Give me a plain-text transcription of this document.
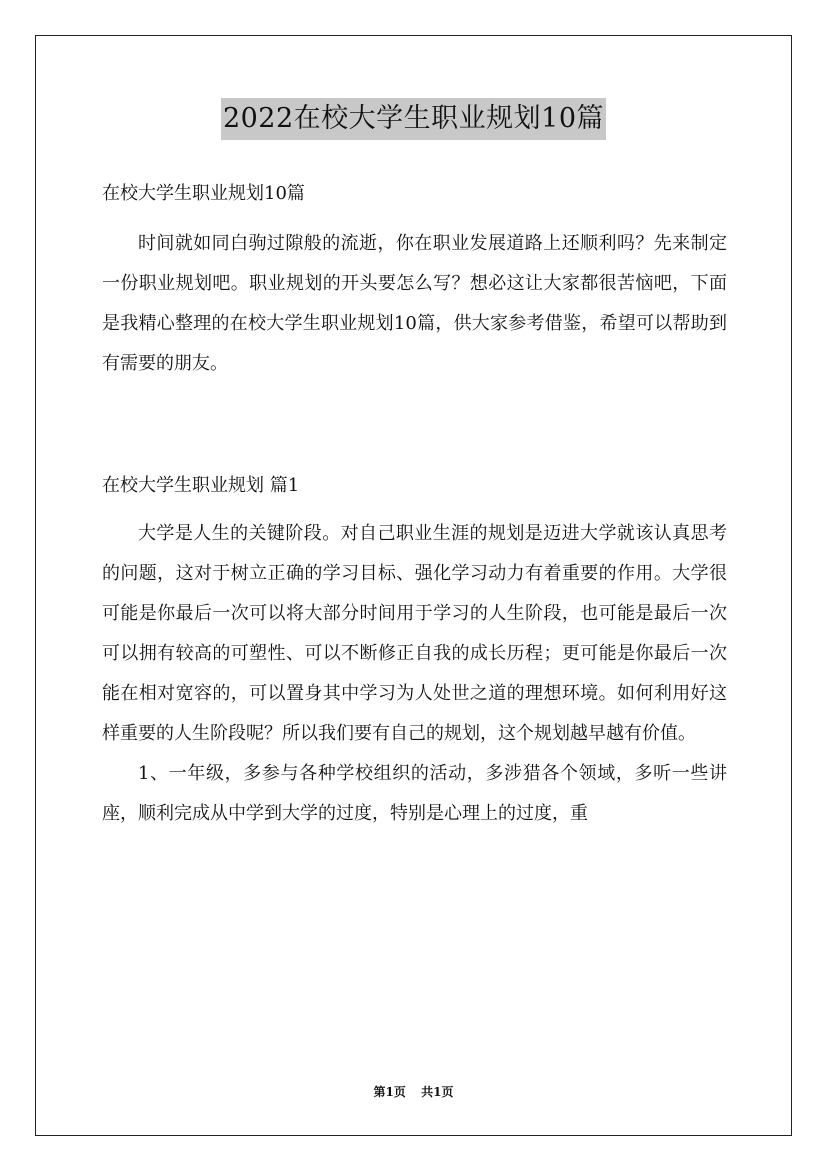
2022在校大学生职业规划10篇

在校大学生职业规划10篇

时间就如同白驹过隙般的流逝，你在职业发展道路上还顺利吗？先来制定一份职业规划吧。职业规划的开头要怎么写？想必这让大家都很苦恼吧，下面是我精心整理的在校大学生职业规划10篇，供大家参考借鉴，希望可以帮助到有需要的朋友。

在校大学生职业规划 篇1

大学是人生的关键阶段。对自己职业生涯的规划是迈进大学就该认真思考的问题，这对于树立正确的学习目标、强化学习动力有着重要的作用。大学很可能是你最后一次可以将大部分时间用于学习的人生阶段，也可能是最后一次可以拥有较高的可塑性、可以不断修正自我的成长历程；更可能是你最后一次能在相对宽容的，可以置身其中学习为人处世之道的理想环境。如何利用好这样重要的人生阶段呢？所以我们要有自己的规划，这个规划越早越有价值。

1、一年级，多参与各种学校组织的活动，多涉猎各个领域，多听一些讲座，顺利完成从中学到大学的过度，特别是心理上的过度，重

第1页 共1页
